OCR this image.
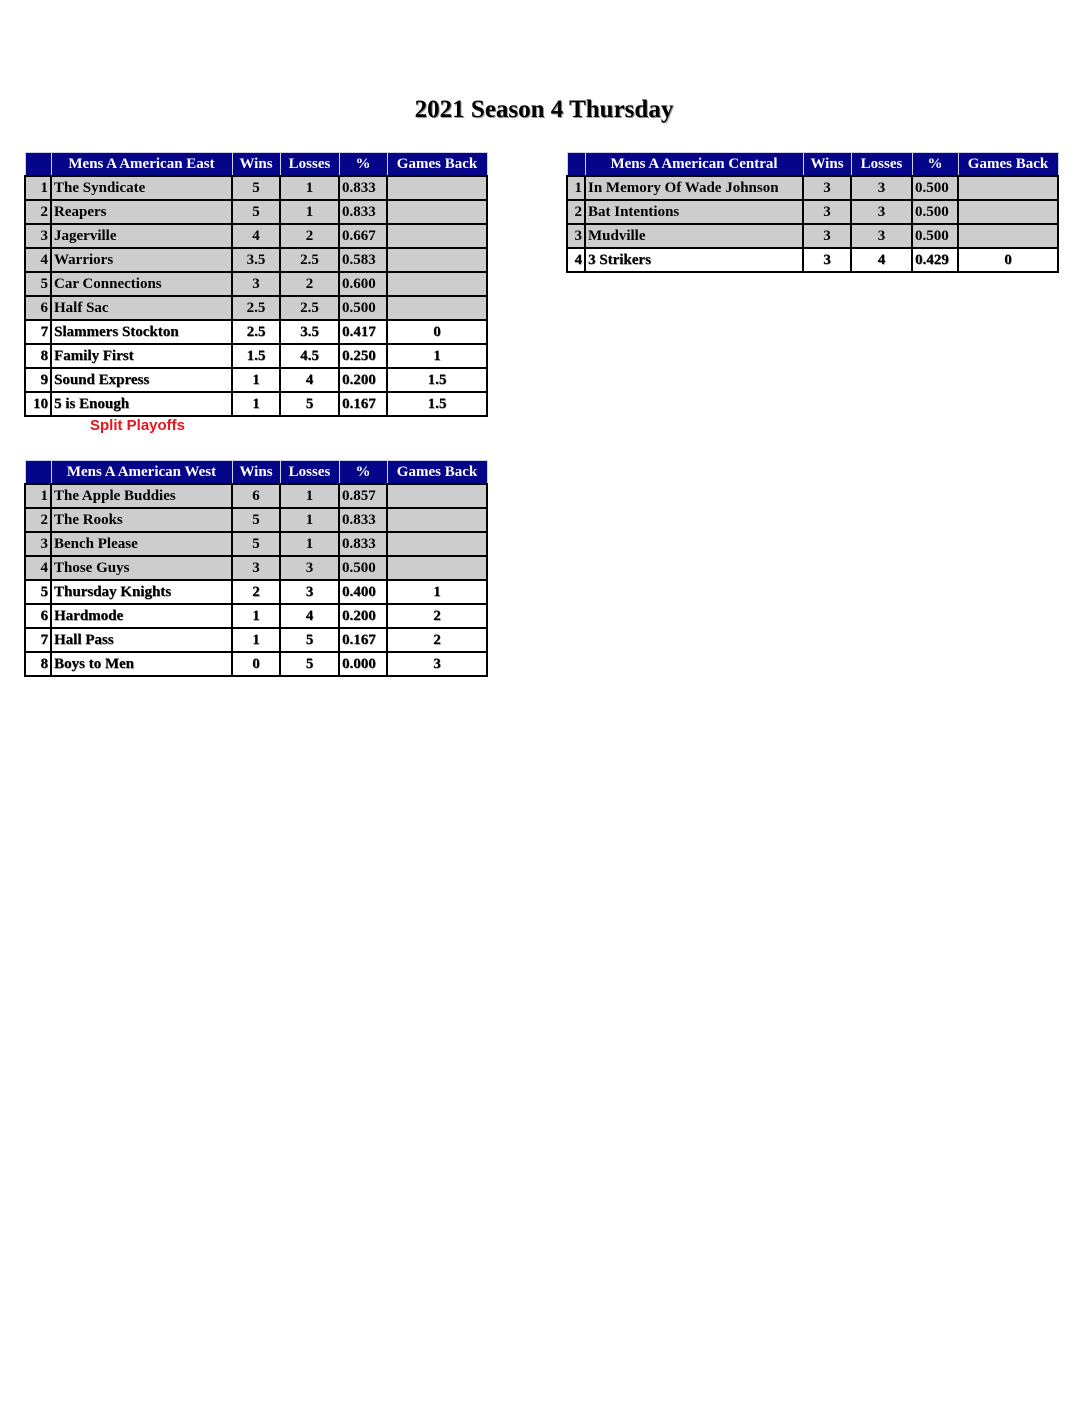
2021 Season 4 Thursday
	Mens A American East	Wins	Losses	%	Games Back
1	The Syndicate	5	1	0.833	
2	Reapers	5	1	0.833	
3	Jagerville	4	2	0.667	
4	Warriors	3.5	2.5	0.583	
5	Car Connections	3	2	0.600	
6	Half Sac	2.5	2.5	0.500	
7	Slammers Stockton	2.5	3.5	0.417	0
8	Family First	1.5	4.5	0.250	1
9	Sound Express	1	4	0.200	1.5
10	5 is Enough	1	5	0.167	1.5
Split Playoffs
	Mens A American Central	Wins	Losses	%	Games Back
1	In Memory Of Wade Johnson	3	3	0.500	
2	Bat Intentions	3	3	0.500	
3	Mudville	3	3	0.500	
4	3 Strikers	3	4	0.429	0
	Mens A American West	Wins	Losses	%	Games Back
1	The Apple Buddies	6	1	0.857	
2	The Rooks	5	1	0.833	
3	Bench Please	5	1	0.833	
4	Those Guys	3	3	0.500	
5	Thursday Knights	2	3	0.400	1
6	Hardmode	1	4	0.200	2
7	Hall Pass	1	5	0.167	2
8	Boys to Men	0	5	0.000	3
